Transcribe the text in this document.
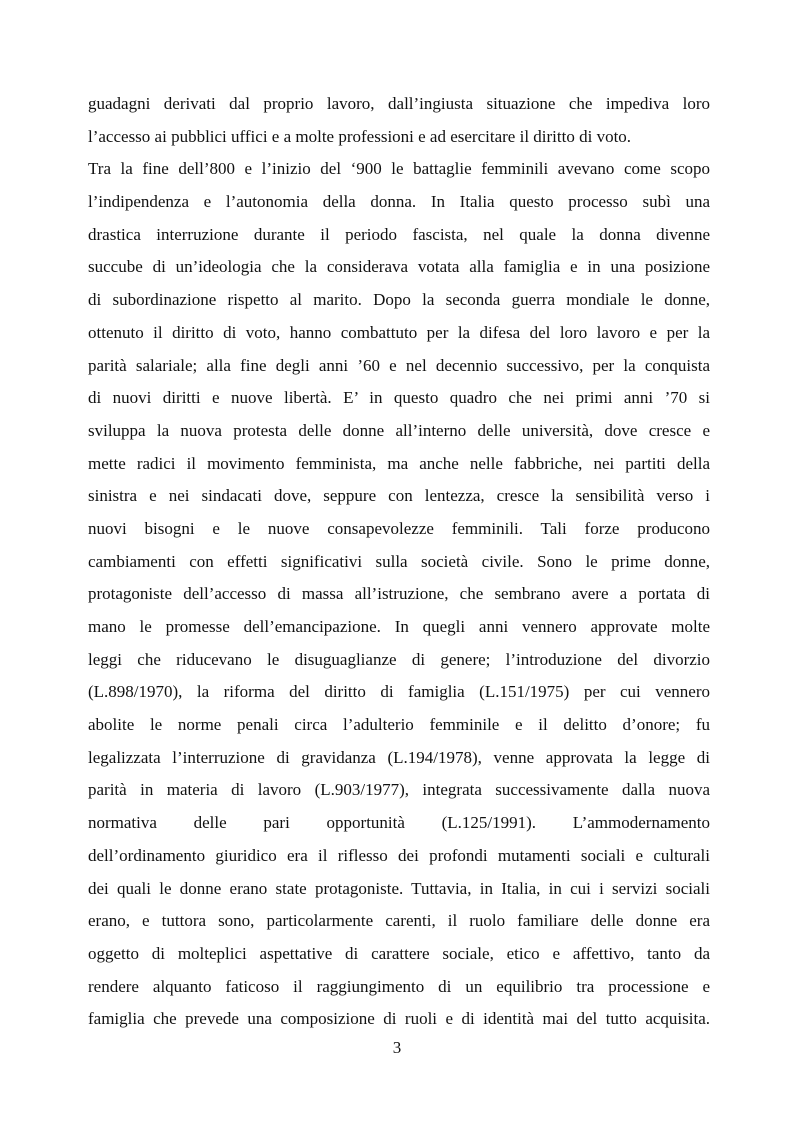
guadagni derivati dal proprio lavoro, dall’ingiusta situazione che impediva loro
l’accesso ai pubblici uffici e a molte professioni e ad esercitare il diritto di voto.
Tra la fine dell’800 e l’inizio del ‘900 le battaglie femminili avevano come scopo
l’indipendenza e l’autonomia della donna. In Italia questo processo subì una
drastica interruzione durante il periodo fascista, nel quale la donna divenne
succube di un’ideologia che la considerava votata alla famiglia e in una posizione
di subordinazione rispetto al marito. Dopo la seconda guerra mondiale le donne,
ottenuto il diritto di voto, hanno combattuto per la difesa del loro lavoro e per la
parità salariale; alla fine degli anni ’60 e nel decennio successivo, per la conquista
di nuovi diritti e nuove libertà. E’ in questo quadro che nei primi anni ’70 si
sviluppa la nuova protesta delle donne all’interno delle università, dove cresce e
mette radici il movimento femminista, ma anche nelle fabbriche, nei partiti della
sinistra e nei sindacati dove, seppure con lentezza, cresce la sensibilità verso i
nuovi bisogni e le nuove consapevolezze femminili. Tali forze producono
cambiamenti con effetti significativi sulla società civile. Sono le prime donne,
protagoniste dell’accesso di massa all’istruzione, che sembrano avere a portata di
mano le promesse dell’emancipazione. In quegli anni vennero approvate molte
leggi che riducevano le disuguaglianze di genere; l’introduzione del divorzio
(L.898/1970), la riforma del diritto di famiglia (L.151/1975) per cui vennero
abolite le norme penali circa l’adulterio femminile e il delitto d’onore; fu
legalizzata l’interruzione di gravidanza (L.194/1978), venne approvata la legge di
parità in materia di lavoro (L.903/1977), integrata successivamente dalla nuova
normativa delle pari opportunità (L.125/1991). L’ammodernamento
dell’ordinamento giuridico era il riflesso dei profondi mutamenti sociali e culturali
dei quali le donne erano state protagoniste. Tuttavia, in Italia, in cui i servizi sociali
erano, e tuttora sono, particolarmente carenti, il ruolo familiare delle donne era
oggetto di molteplici aspettative di carattere sociale, etico e affettivo, tanto da
rendere alquanto faticoso il raggiungimento di un equilibrio tra processione e
famiglia che prevede una composizione di ruoli e di identità mai del tutto acquisita.
3
